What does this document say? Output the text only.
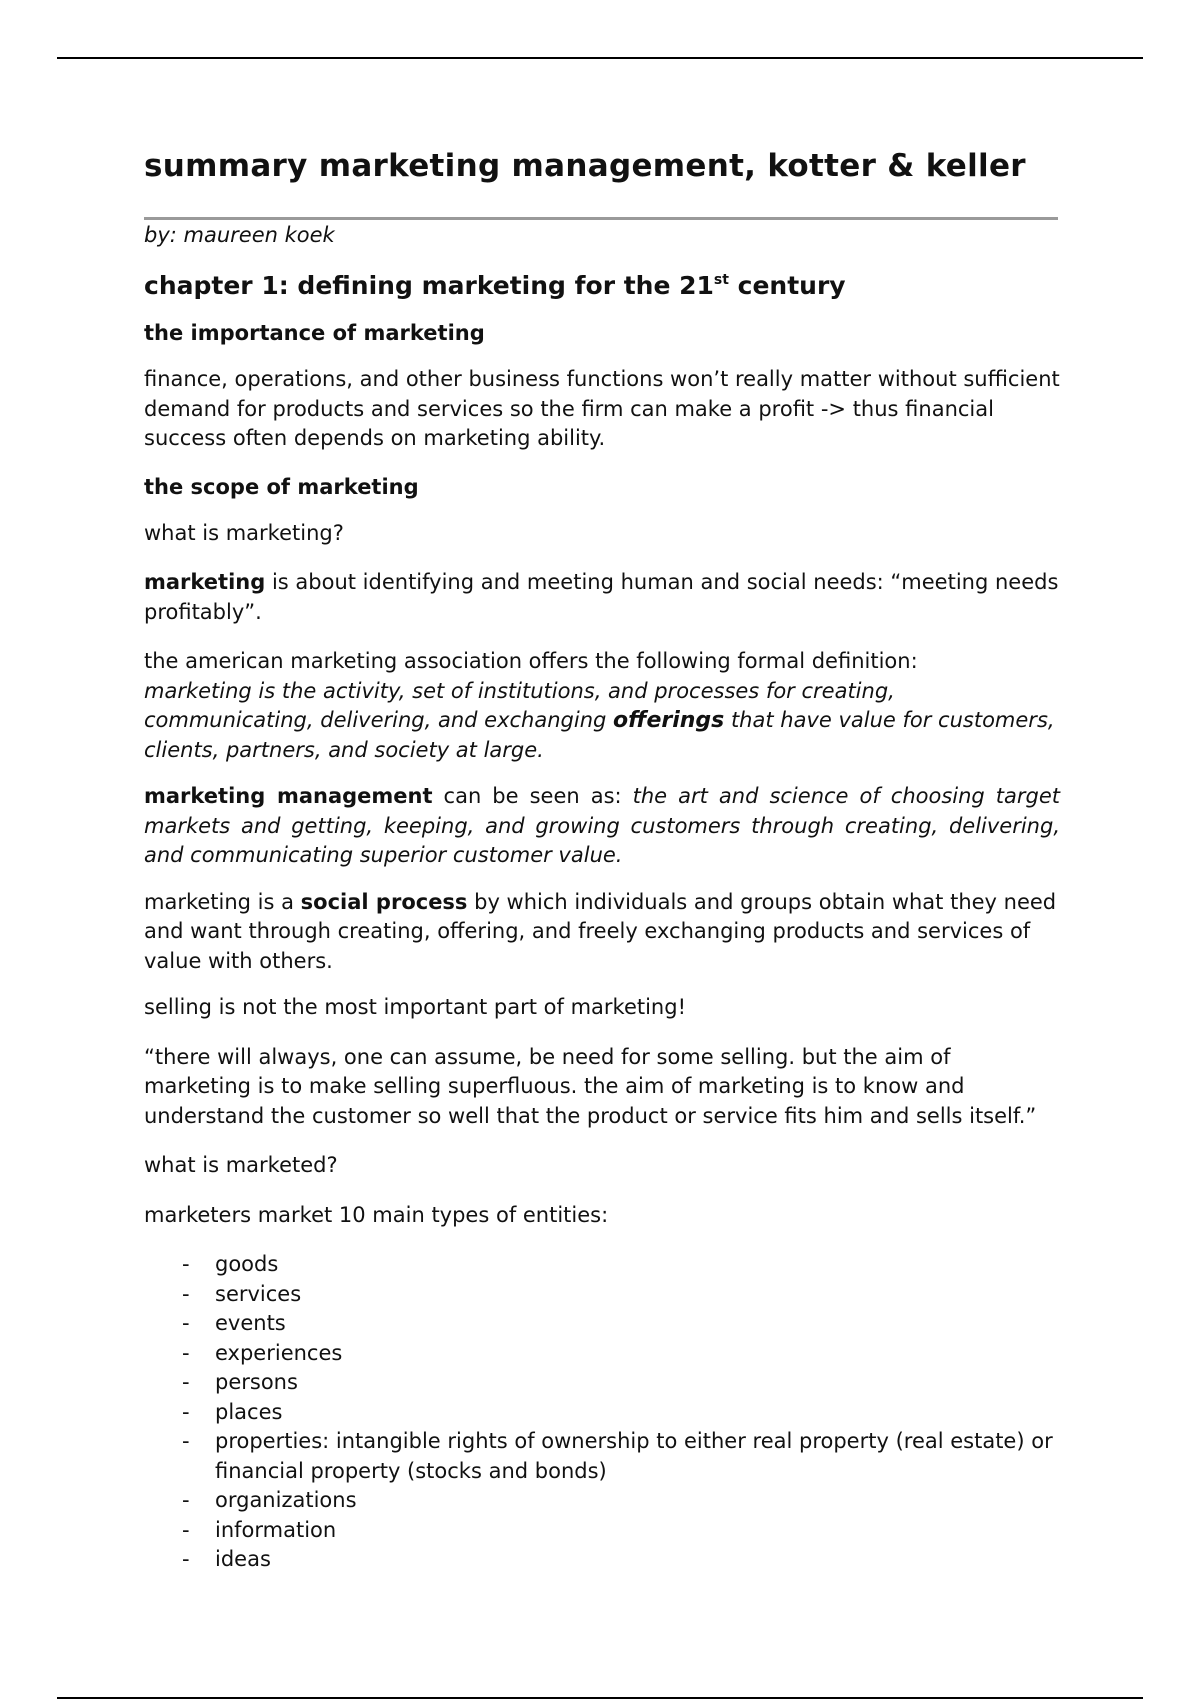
summary marketing management, kotter & keller
by: maureen koek
chapter 1: defining marketing for the 21st century
the importance of marketing

finance, operations, and other business functions won’t really matter without sufficient demand for products and services so the firm can make a profit -> thus financial success often depends on marketing ability.

the scope of marketing

what is marketing?

marketing is about identifying and meeting human and social needs: “meeting needs profitably”.

the american marketing association offers the following formal definition:
marketing is the activity, set of institutions, and processes for creating, communicating, delivering, and exchanging offerings that have value for customers, clients, partners, and society at large.

marketing management can be seen as: the art and science of choosing target markets and getting, keeping, and growing customers through creating, delivering, and communicating superior customer value.

marketing is a social process by which individuals and groups obtain what they need and want through creating, offering, and freely exchanging products and services of value with others.

selling is not the most important part of marketing!

“there will always, one can assume, be need for some selling. but the aim of marketing is to make selling superfluous. the aim of marketing is to know and understand the customer so well that the product or service fits him and sells itself.”

what is marketed?

marketers market 10 main types of entities:

- goods
- services
- events
- experiences
- persons
- places
- properties: intangible rights of ownership to either real property (real estate) or financial property (stocks and bonds)
- organizations
- information
- ideas
